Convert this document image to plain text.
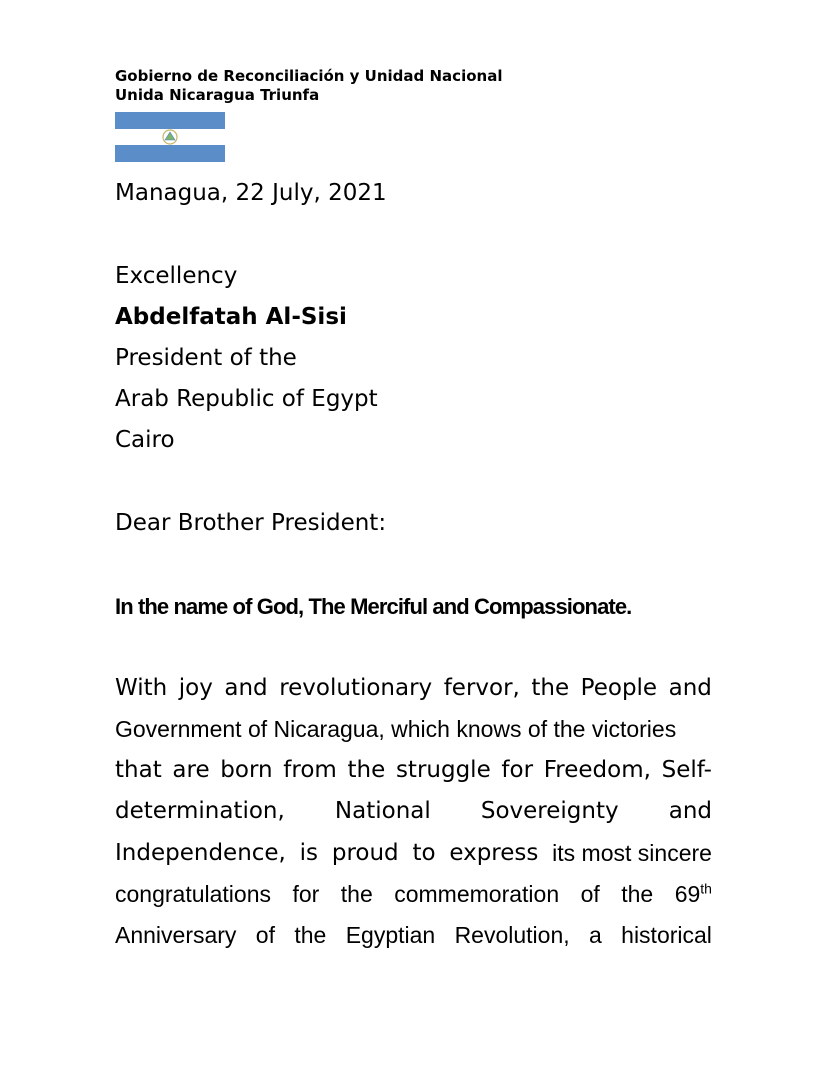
Gobierno de Reconciliación y Unidad Nacional
Unida Nicaragua Triunfa
Managua, 22 July, 2021
Excellency
Abdelfatah Al-Sisi
President of the
Arab Republic of Egypt
Cairo
Dear Brother President:
In the name of God, The Merciful and Compassionate.
With joy and revolutionary fervor, the People and
Government of Nicaragua, which knows of the victories
that are born from the struggle for Freedom, Self-
determination, National Sovereignty and
Independence, is proud to express its most sincere
congratulations for the commemoration of the 69th
Anniversary of the Egyptian Revolution, a historical
